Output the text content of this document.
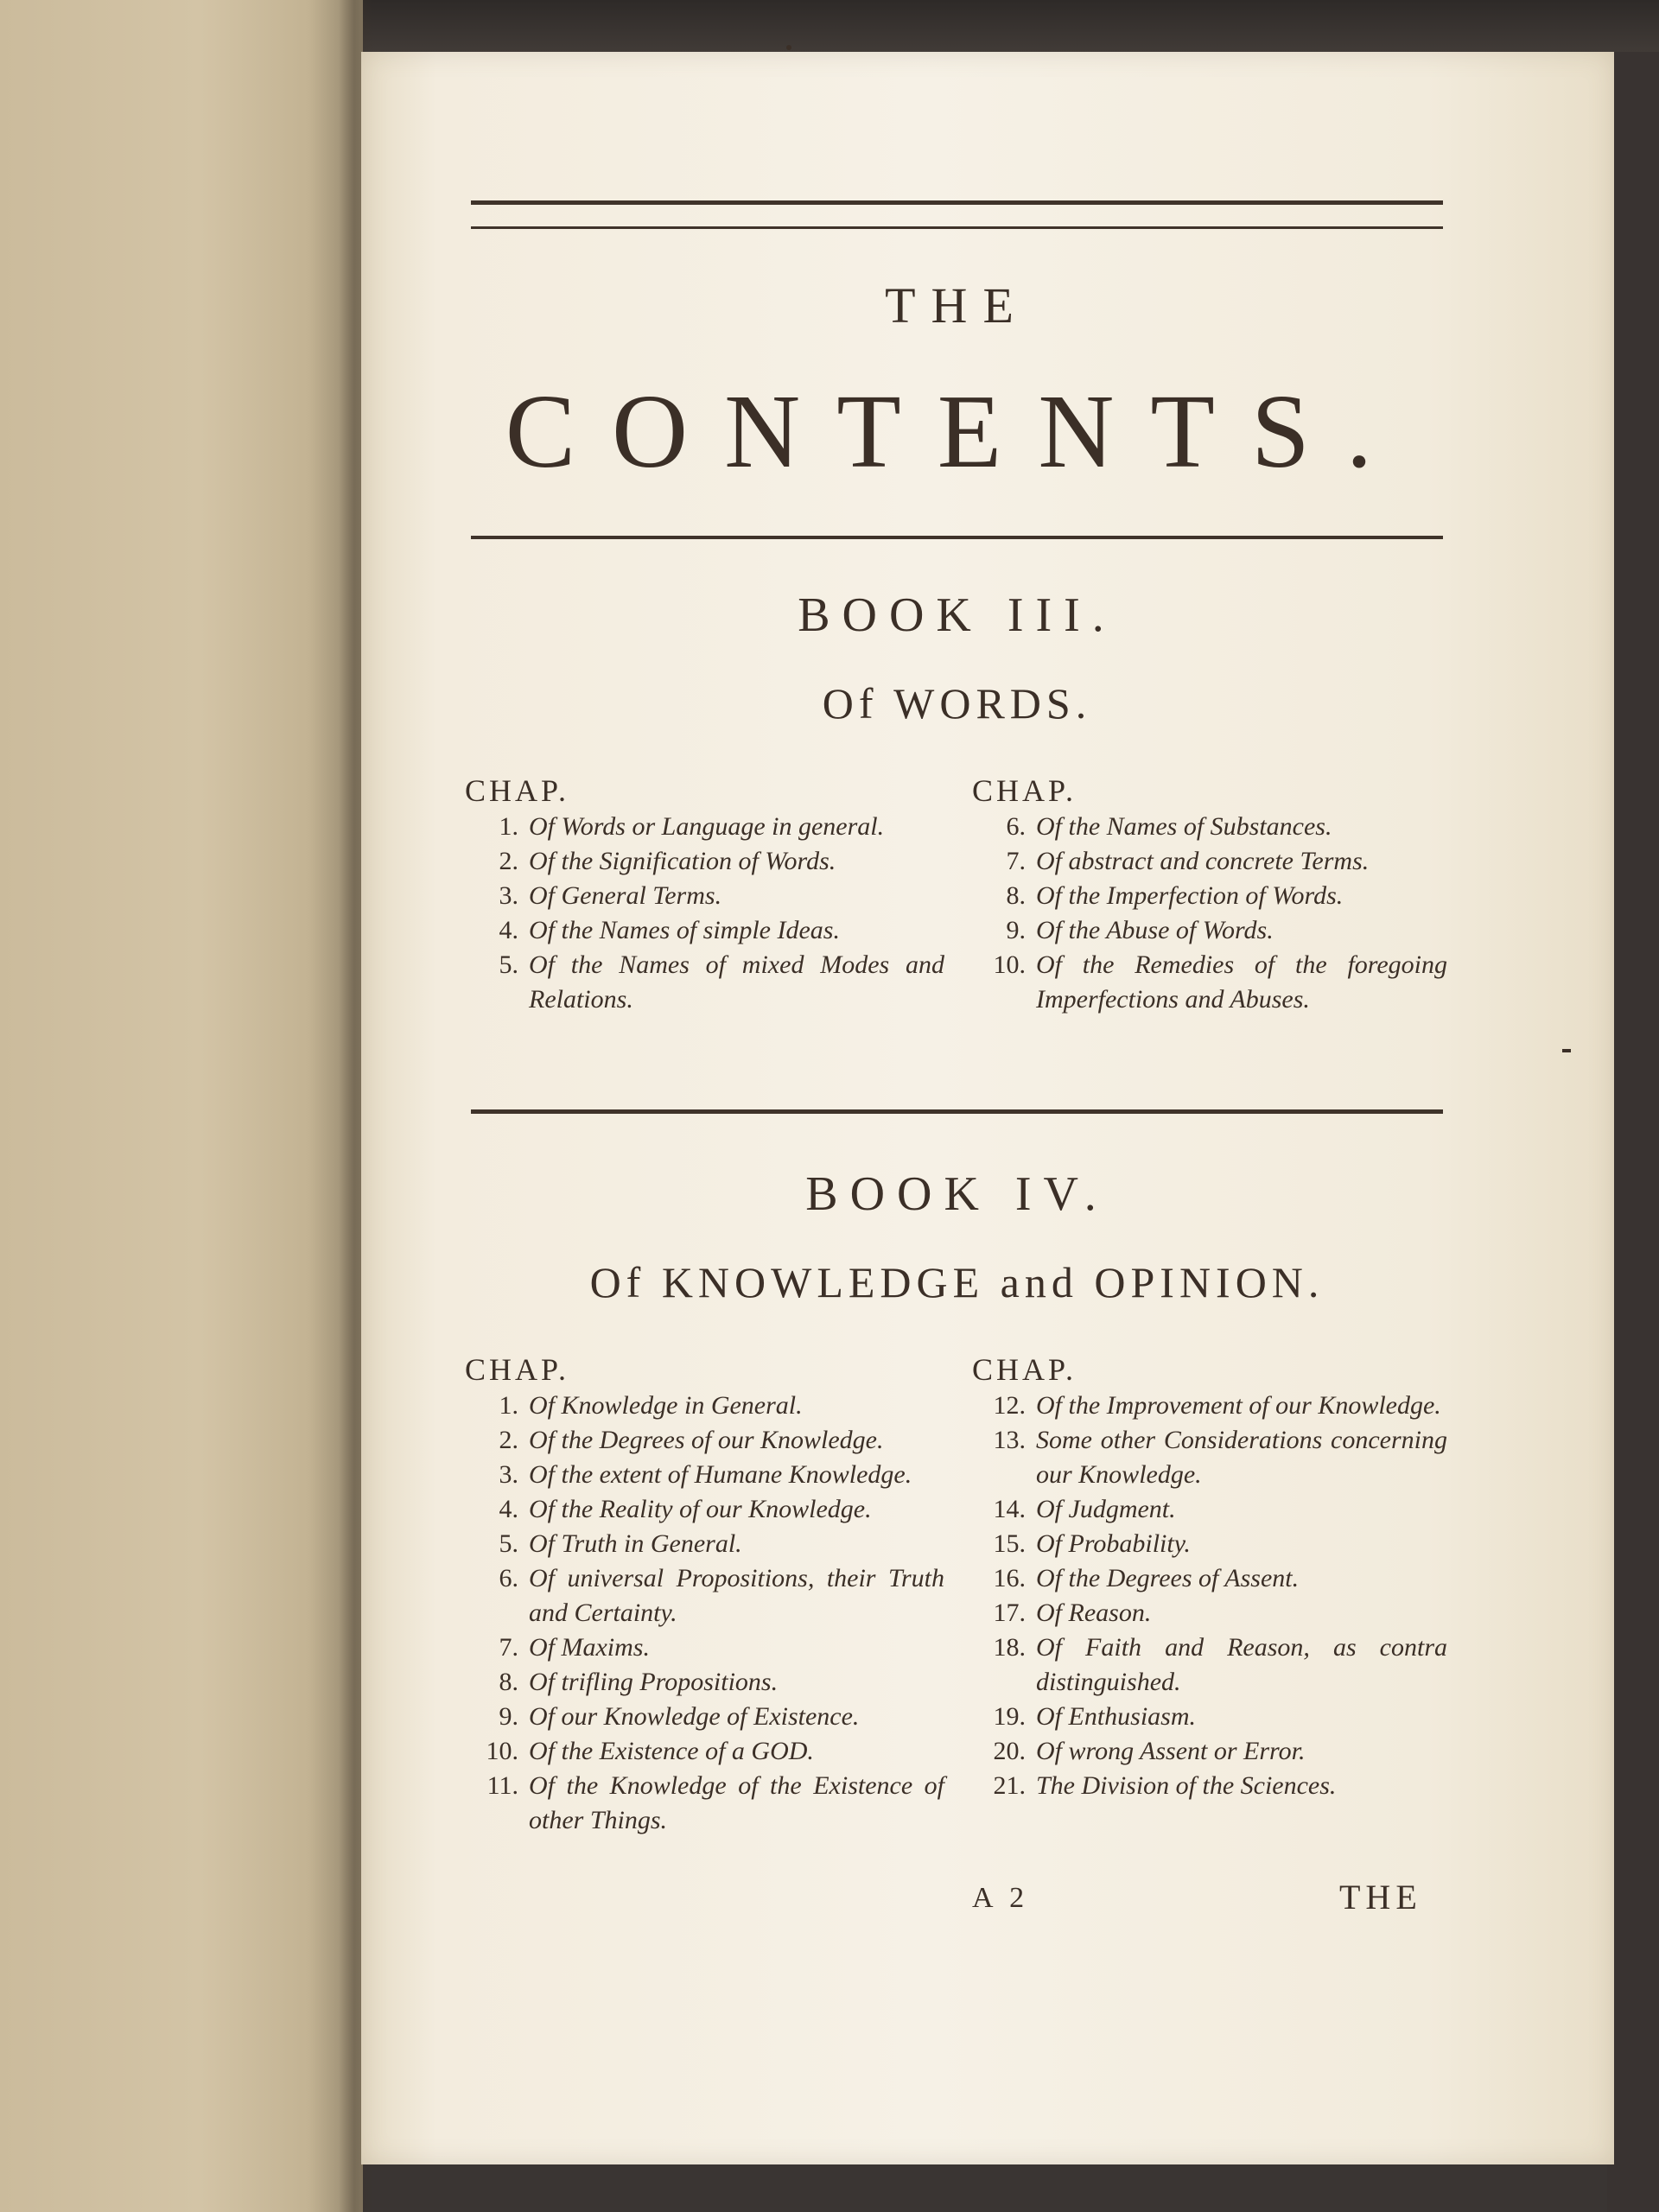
THE
CONTENTS.
BOOK III.
Of WORDS.
CHAP.
1. Of Words or Language in general.
2. Of the Signification of Words.
3. Of General Terms.
4. Of the Names of simple Ideas.
5. Of the Names of mixed Modes and Relations.
CHAP.
6. Of the Names of Substances.
7. Of abstract and concrete Terms.
8. Of the Imperfection of Words.
9. Of the Abuse of Words.
10. Of the Remedies of the foregoing Imperfections and Abuses.
BOOK IV.
Of KNOWLEDGE and OPINION.
CHAP.
1. Of Knowledge in General.
2. Of the Degrees of our Knowledge.
3. Of the extent of Humane Knowledge.
4. Of the Reality of our Knowledge.
5. Of Truth in General.
6. Of universal Propositions, their Truth and Certainty.
7. Of Maxims.
8. Of trifling Propositions.
9. Of our Knowledge of Existence.
10. Of the Existence of a GOD.
11. Of the Knowledge of the Existence of other Things.
CHAP.
12. Of the Improvement of our Knowledge.
13. Some other Considerations concerning our Knowledge.
14. Of Judgment.
15. Of Probability.
16. Of the Degrees of Assent.
17. Of Reason.
18. Of Faith and Reason, as contra distinguished.
19. Of Enthusiasm.
20. Of wrong Assent or Error.
21. The Division of the Sciences.
A 2	THE
